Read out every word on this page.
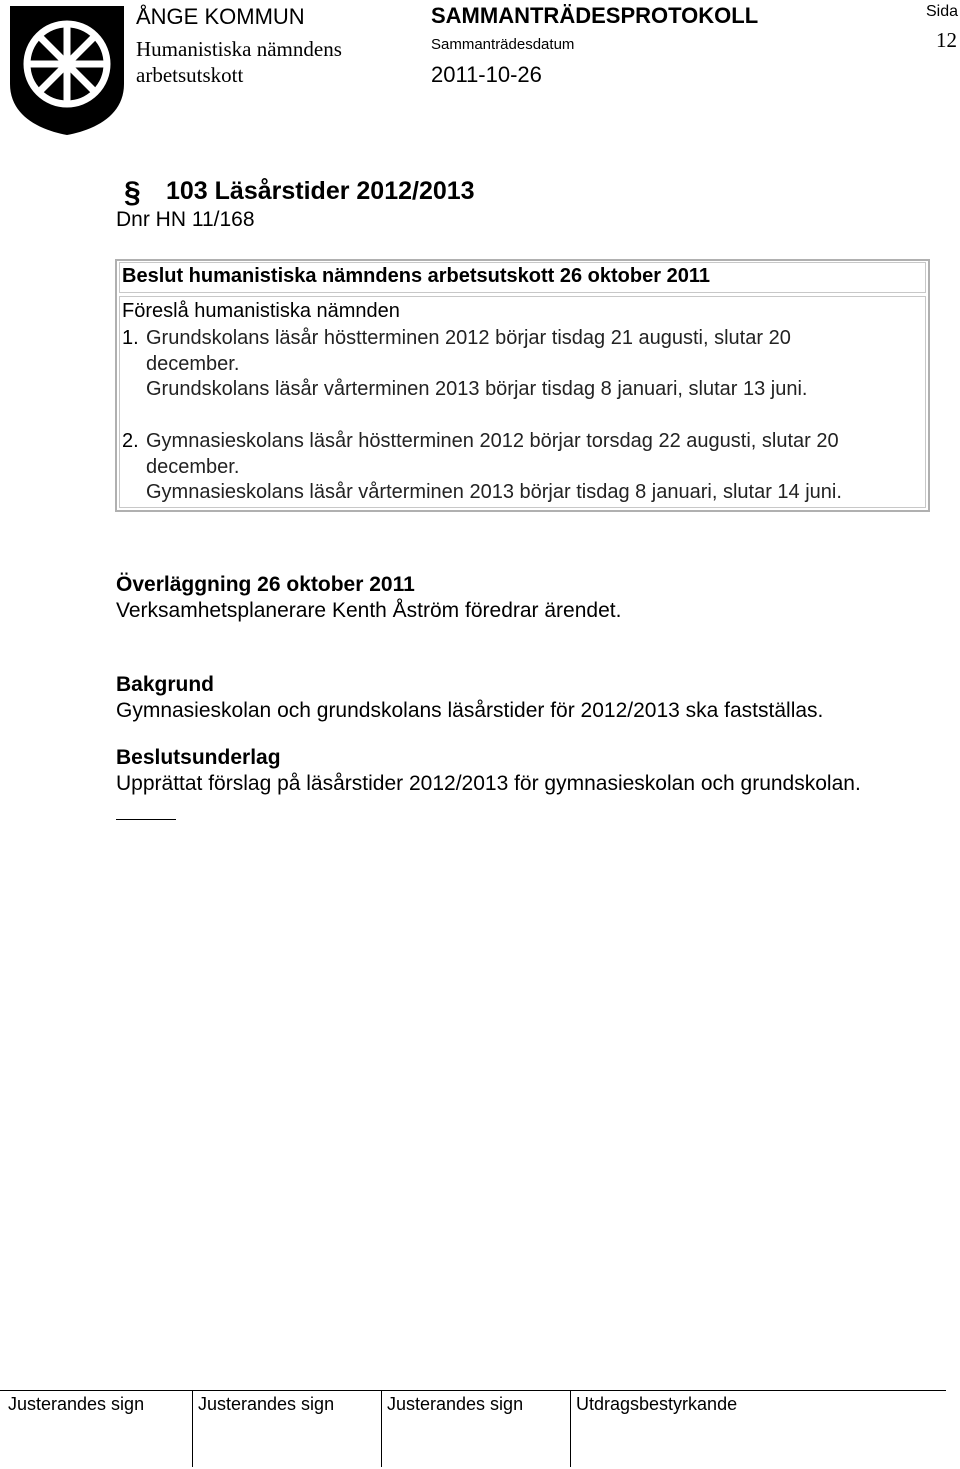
ÅNGE KOMMUN
Humanistiska nämndens
arbetsutskott
SAMMANTRÄDESPROTOKOLL
Sammanträdesdatum
2011-10-26
Sida
12
§ 103 Läsårstider 2012/2013
Dnr HN 11/168
Beslut humanistiska nämndens arbetsutskott 26 oktober 2011
Föreslå humanistiska nämnden
1. Grundskolans läsår höstterminen 2012 börjar tisdag 21 augusti, slutar 20
december.
Grundskolans läsår vårterminen 2013 börjar tisdag 8 januari, slutar 13 juni.
2. Gymnasieskolans läsår höstterminen 2012 börjar torsdag 22 augusti, slutar 20
december.
Gymnasieskolans läsår vårterminen 2013 börjar tisdag 8 januari, slutar 14 juni.
Överläggning 26 oktober 2011
Verksamhetsplanerare Kenth Åström föredrar ärendet.
Bakgrund
Gymnasieskolan och grundskolans läsårstider för 2012/2013 ska fastställas.
Beslutsunderlag
Upprättat förslag på läsårstider 2012/2013 för gymnasieskolan och grundskolan.
Justerandes sign	Justerandes sign	Justerandes sign	Utdragsbestyrkande
